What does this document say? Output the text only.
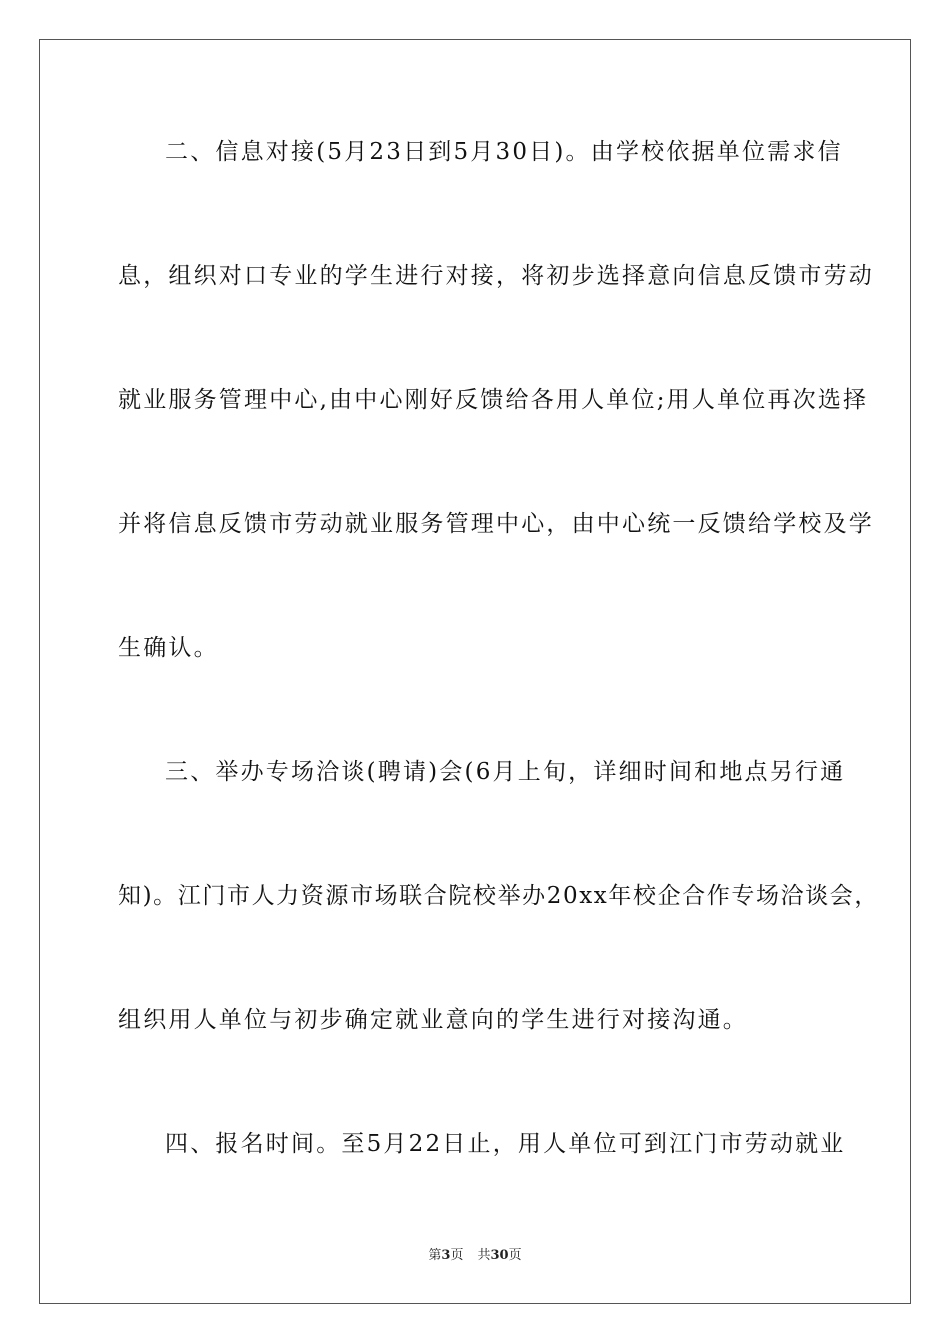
二、信息对接(5月23日到5月30日)。由学校依据单位需求信
息，组织对口专业的学生进行对接，将初步选择意向信息反馈市劳动
就业服务管理中心,由中心刚好反馈给各用人单位;用人单位再次选择
并将信息反馈市劳动就业服务管理中心，由中心统一反馈给学校及学
生确认。
三、举办专场洽谈(聘请)会(6月上旬，详细时间和地点另行通
知)。江门市人力资源市场联合院校举办20xx年校企合作专场洽谈会，
组织用人单位与初步确定就业意向的学生进行对接沟通。
四、报名时间。至5月22日止，用人单位可到江门市劳动就业
第3页 共30页
